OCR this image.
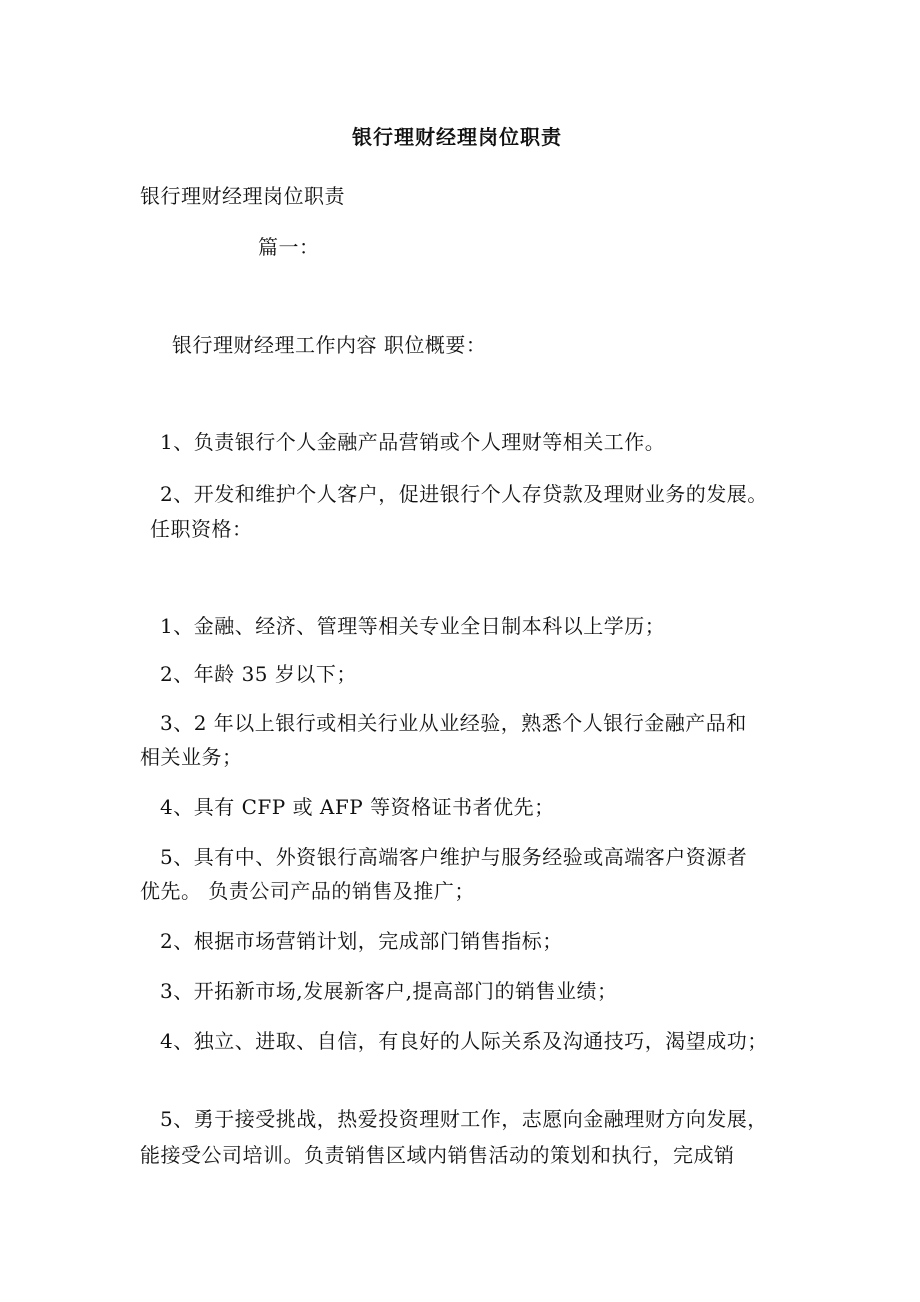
银行理财经理岗位职责
银行理财经理岗位职责
篇一：
银行理财经理工作内容 职位概要：
1、负责银行个人金融产品营销或个人理财等相关工作。
2、开发和维护个人客户，促进银行个人存贷款及理财业务的发展。
任职资格：
1、金融、经济、管理等相关专业全日制本科以上学历；
2、年龄 35 岁以下；
3、2 年以上银行或相关行业从业经验，熟悉个人银行金融产品和
相关业务；
4、具有 CFP 或 AFP 等资格证书者优先；
5、具有中、外资银行高端客户维护与服务经验或高端客户资源者
优先。 负责公司产品的销售及推广；
2、根据市场营销计划，完成部门销售指标；
3、开拓新市场,发展新客户,提高部门的销售业绩；
4、独立、进取、自信，有良好的人际关系及沟通技巧，渴望成功；
5、勇于接受挑战，热爱投资理财工作，志愿向金融理财方向发展，
能接受公司培训。负责销售区域内销售活动的策划和执行，完成销
